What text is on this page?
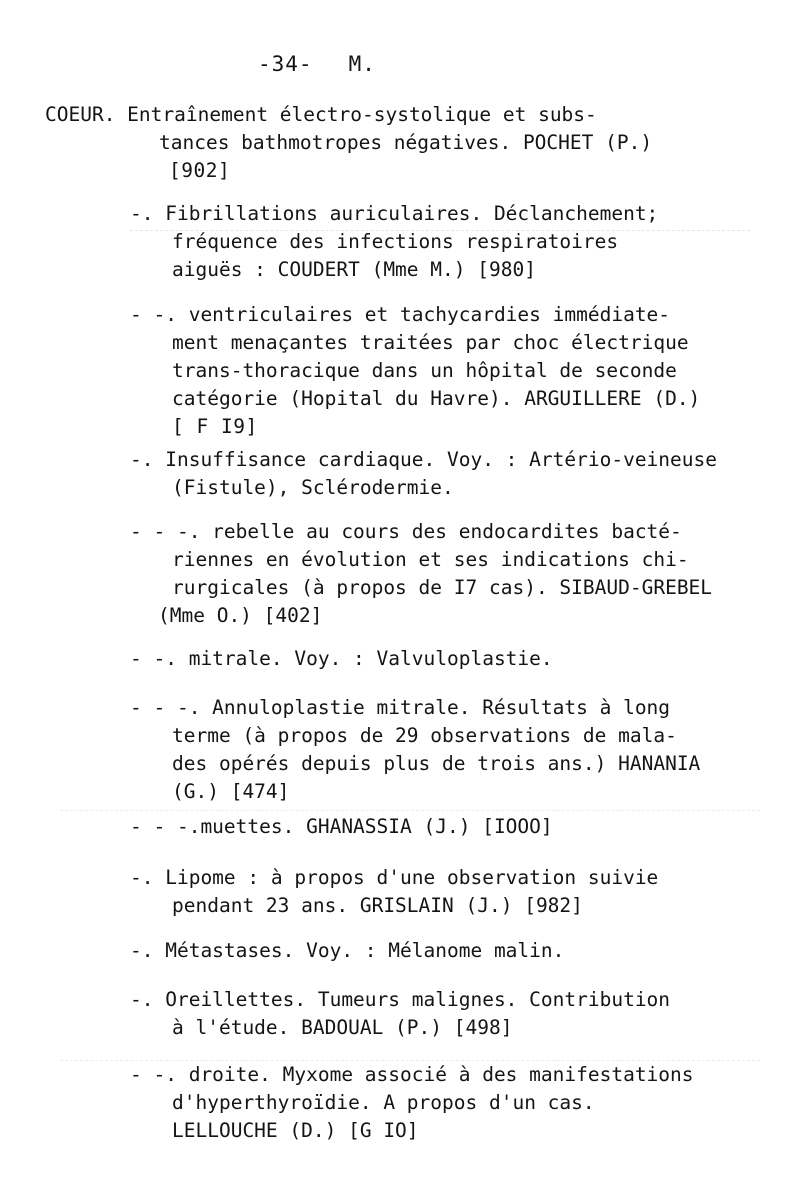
-34- M.
COEUR. Entraînement électro-systolique et subs-
tances bathmotropes négatives. POCHET (P.)
[902]
-. Fibrillations auriculaires. Déclanchement;
fréquence des infections respiratoires
aiguës : COUDERT (Mme M.) [980]
- -. ventriculaires et tachycardies immédiate-
ment menaçantes traitées par choc électrique
trans-thoracique dans un hôpital de seconde
catégorie (Hopital du Havre). ARGUILLERE (D.)
[ F I9]
-. Insuffisance cardiaque. Voy. : Artério-veineuse
(Fistule), Sclérodermie.
- - -. rebelle au cours des endocardites bacté-
riennes en évolution et ses indications chi-
rurgicales (à propos de I7 cas). SIBAUD-GREBEL
(Mme O.) [402]
- -. mitrale. Voy. : Valvuloplastie.
- - -. Annuloplastie mitrale. Résultats à long
terme (à propos de 29 observations de mala-
des opérés depuis plus de trois ans.) HANANIA
(G.) [474]
- - -.muettes. GHANASSIA (J.) [IOOO]
-. Lipome : à propos d'une observation suivie
pendant 23 ans. GRISLAIN (J.) [982]
-. Métastases. Voy. : Mélanome malin.
-. Oreillettes. Tumeurs malignes. Contribution
à l'étude. BADOUAL (P.) [498]
- -. droite. Myxome associé à des manifestations
d'hyperthyroïdie. A propos d'un cas.
LELLOUCHE (D.) [G IO]
